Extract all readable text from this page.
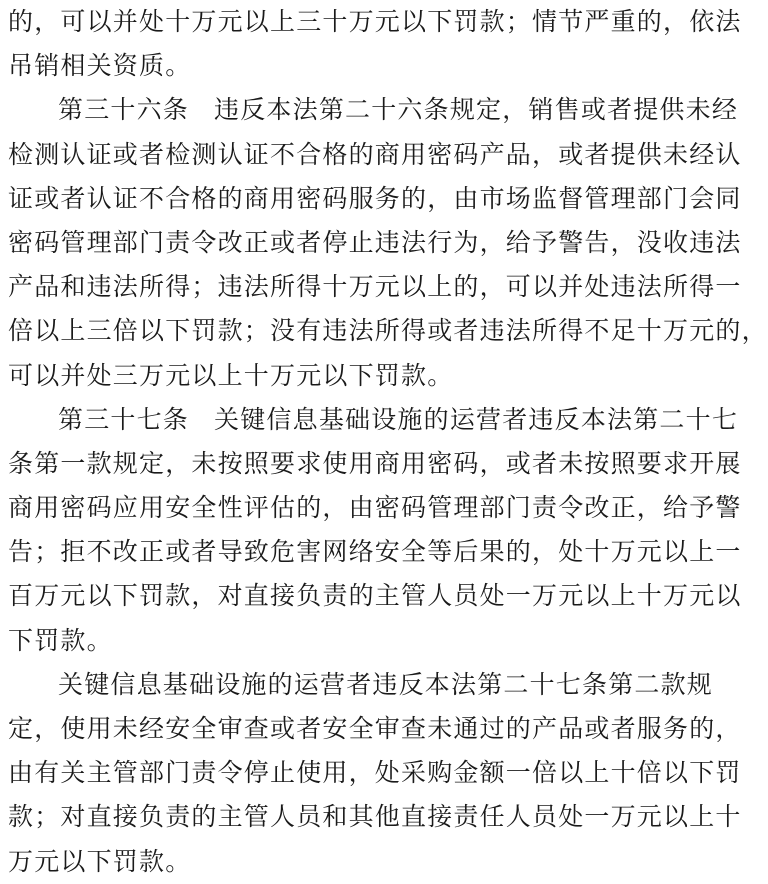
的，可以并处十万元以上三十万元以下罚款；情节严重的，依法
吊销相关资质。
第三十六条 违反本法第二十六条规定，销售或者提供未经
检测认证或者检测认证不合格的商用密码产品，或者提供未经认
证或者认证不合格的商用密码服务的，由市场监督管理部门会同
密码管理部门责令改正或者停止违法行为，给予警告，没收违法
产品和违法所得；违法所得十万元以上的，可以并处违法所得一
倍以上三倍以下罚款；没有违法所得或者违法所得不足十万元的，
可以并处三万元以上十万元以下罚款。
第三十七条 关键信息基础设施的运营者违反本法第二十七
条第一款规定，未按照要求使用商用密码，或者未按照要求开展
商用密码应用安全性评估的，由密码管理部门责令改正，给予警
告；拒不改正或者导致危害网络安全等后果的，处十万元以上一
百万元以下罚款，对直接负责的主管人员处一万元以上十万元以
下罚款。
关键信息基础设施的运营者违反本法第二十七条第二款规
定，使用未经安全审查或者安全审查未通过的产品或者服务的，
由有关主管部门责令停止使用，处采购金额一倍以上十倍以下罚
款；对直接负责的主管人员和其他直接责任人员处一万元以上十
万元以下罚款。
